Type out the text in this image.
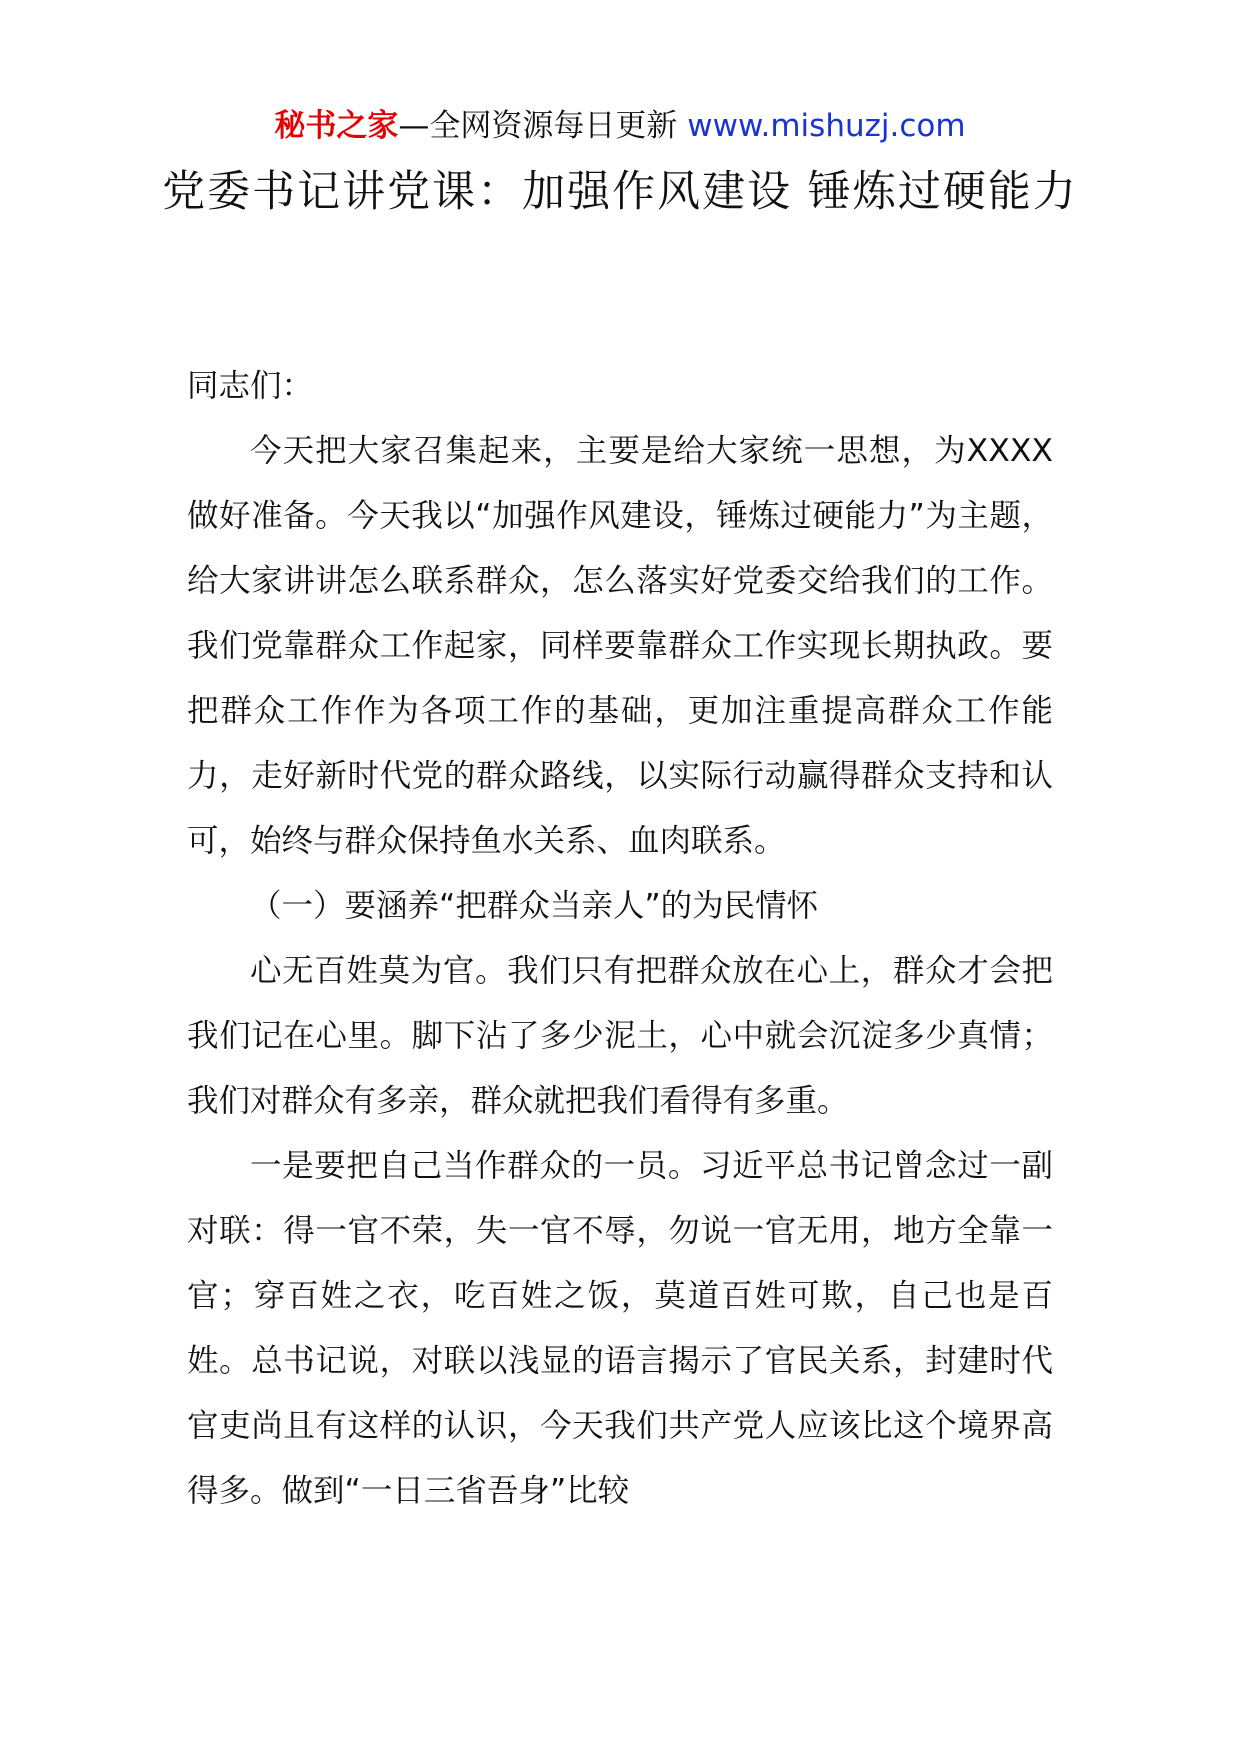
秘书之家—全网资源每日更新 www.mishuzj.com
党委书记讲党课：加强作风建设 锤炼过硬能力

同志们：

今天把大家召集起来，主要是给大家统一思想，为XXXX做好准备。今天我以“加强作风建设，锤炼过硬能力”为主题，给大家讲讲怎么联系群众，怎么落实好党委交给我们的工作。我们党靠群众工作起家，同样要靠群众工作实现长期执政。要把群众工作作为各项工作的基础，更加注重提高群众工作能力，走好新时代党的群众路线，以实际行动赢得群众支持和认可，始终与群众保持鱼水关系、血肉联系。

（一）要涵养“把群众当亲人”的为民情怀

心无百姓莫为官。我们只有把群众放在心上，群众才会把我们记在心里。脚下沾了多少泥土，心中就会沉淀多少真情；我们对群众有多亲，群众就把我们看得有多重。

一是要把自己当作群众的一员。习近平总书记曾念过一副对联：得一官不荣，失一官不辱，勿说一官无用，地方全靠一官；穿百姓之衣，吃百姓之饭，莫道百姓可欺，自己也是百姓。总书记说，对联以浅显的语言揭示了官民关系，封建时代官吏尚且有这样的认识，今天我们共产党人应该比这个境界高得多。做到“一日三省吾身”比较
